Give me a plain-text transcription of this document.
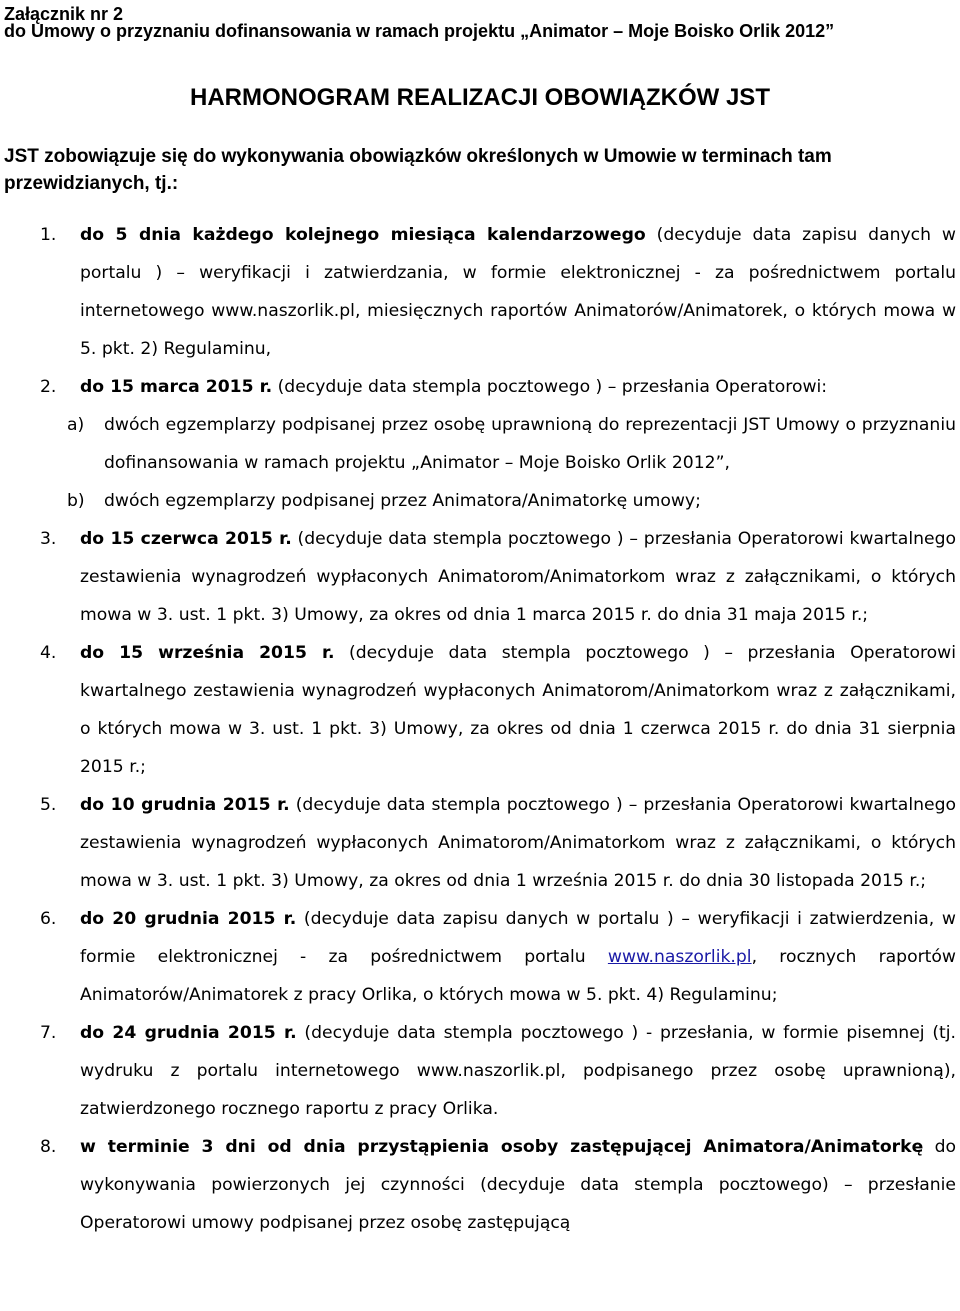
Załącznik nr 2
do Umowy o przyznaniu dofinansowania w ramach projektu „Animator – Moje Boisko Orlik 2012”
HARMONOGRAM REALIZACJI OBOWIĄZKÓW JST
JST zobowiązuje się do wykonywania obowiązków określonych w Umowie w terminach tam przewidzianych, tj.:
1. do 5 dnia każdego kolejnego miesiąca kalendarzowego (decyduje data zapisu danych w portalu ) – weryfikacji i zatwierdzania, w formie elektronicznej - za pośrednictwem portalu internetowego www.naszorlik.pl, miesięcznych raportów Animatorów/Animatorek, o których mowa w 5. pkt. 2) Regulaminu,
2. do 15 marca 2015 r. (decyduje data stempla pocztowego ) – przesłania Operatorowi:
a) dwóch egzemplarzy podpisanej przez osobę uprawnioną do reprezentacji JST Umowy o przyznaniu dofinansowania w ramach projektu „Animator – Moje Boisko Orlik 2012”,
b) dwóch egzemplarzy podpisanej przez Animatora/Animatorkę umowy;
3. do 15 czerwca 2015 r. (decyduje data stempla pocztowego ) – przesłania Operatorowi kwartalnego zestawienia wynagrodzeń wypłaconych Animatorom/Animatorkom wraz z załącznikami, o których mowa w 3. ust. 1 pkt. 3) Umowy, za okres od dnia 1 marca 2015 r. do dnia 31 maja 2015 r.;
4. do 15 września 2015 r. (decyduje data stempla pocztowego ) – przesłania Operatorowi kwartalnego zestawienia wynagrodzeń wypłaconych Animatorom/Animatorkom wraz z załącznikami, o których mowa w 3. ust. 1 pkt. 3) Umowy, za okres od dnia 1 czerwca 2015 r. do dnia 31 sierpnia 2015 r.;
5. do 10 grudnia 2015 r. (decyduje data stempla pocztowego ) – przesłania Operatorowi kwartalnego zestawienia wynagrodzeń wypłaconych Animatorom/Animatorkom wraz z załącznikami, o których mowa w 3. ust. 1 pkt. 3) Umowy, za okres od dnia 1 września 2015 r. do dnia 30 listopada 2015 r.;
6. do 20 grudnia 2015 r. (decyduje data zapisu danych w portalu ) – weryfikacji i zatwierdzenia, w formie elektronicznej - za pośrednictwem portalu www.naszorlik.pl, rocznych raportów Animatorów/Animatorek z pracy Orlika, o których mowa w 5. pkt. 4) Regulaminu;
7. do 24 grudnia 2015 r. (decyduje data stempla pocztowego ) - przesłania, w formie pisemnej (tj. wydruku z portalu internetowego www.naszorlik.pl, podpisanego przez osobę uprawnioną), zatwierdzonego rocznego raportu z pracy Orlika.
8. w terminie 3 dni od dnia przystąpienia osoby zastępującej Animatora/Animatorkę do wykonywania powierzonych jej czynności (decyduje data stempla pocztowego) – przesłanie Operatorowi umowy podpisanej przez osobę zastępującą
